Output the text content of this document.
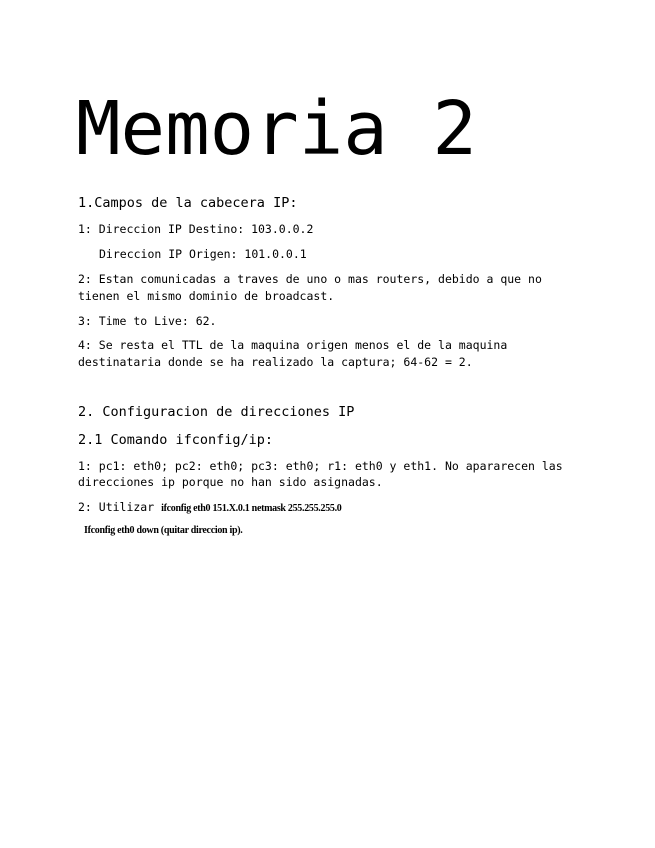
Memoria 2
1.Campos de la cabecera IP:
1: Direccion IP Destino: 103.0.0.2
Direccion IP Origen: 101.0.0.1
2: Estan comunicadas a traves de uno o mas routers, debido a que no
tienen el mismo dominio de broadcast.
3: Time to Live: 62.
4: Se resta el TTL de la maquina origen menos el de la maquina
destinataria donde se ha realizado la captura; 64-62 = 2.
2. Configuracion de direcciones IP
2.1 Comando ifconfig/ip:
1: pc1: eth0; pc2: eth0; pc3: eth0; r1: eth0 y eth1. No apararecen las
direcciones ip porque no han sido asignadas.
2: Utilizar ifconfig eth0 151.X.0.1 netmask 255.255.255.0
Ifconfig eth0 down (quitar direccion ip).
